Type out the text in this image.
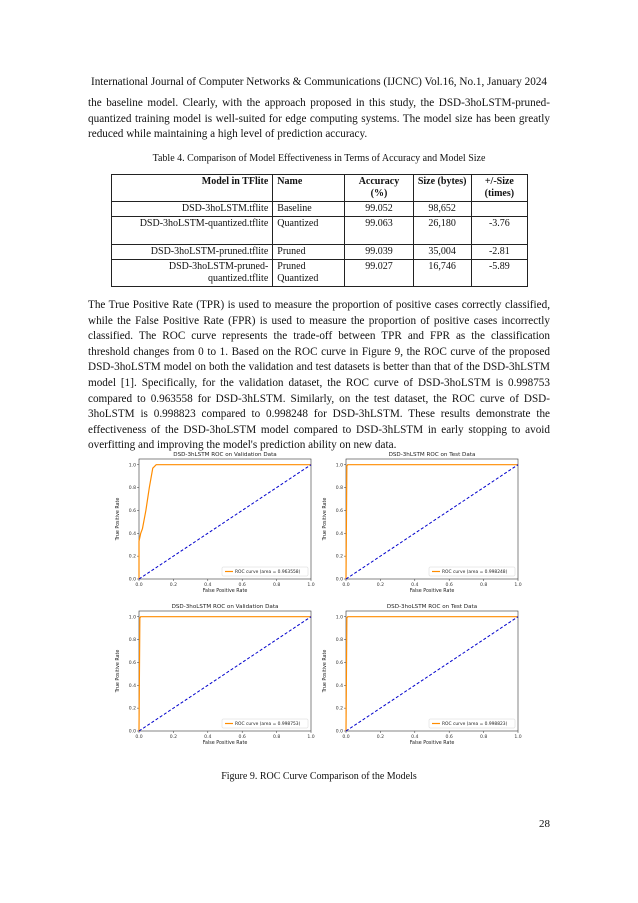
International Journal of Computer Networks & Communications (IJCNC) Vol.16, No.1, January 2024

the baseline model. Clearly, with the approach proposed in this study, the DSD-3hoLSTM-pruned-quantized training model is well-suited for edge computing systems. The model size has been greatly reduced while maintaining a high level of prediction accuracy.

Table 4. Comparison of Model Effectiveness in Terms of Accuracy and Model Size
Model in TFlite	Name	Accuracy (%)	Size (bytes)	+/-Size (times)
DSD-3hoLSTM.tflite	Baseline	99.052	98,652	
DSD-3hoLSTM-quantized.tflite	Quantized	99.063	26,180	-3.76
DSD-3hoLSTM-pruned.tflite	Pruned	99.039	35,004	-2.81
DSD-3hoLSTM-pruned-quantized.tflite	Pruned Quantized	99.027	16,746	-5.89

The True Positive Rate (TPR) is used to measure the proportion of positive cases correctly classified, while the False Positive Rate (FPR) is used to measure the proportion of positive cases incorrectly classified. The ROC curve represents the trade-off between TPR and FPR as the classification threshold changes from 0 to 1. Based on the ROC curve in Figure 9, the ROC curve of the proposed DSD-3hoLSTM model on both the validation and test datasets is better than that of the DSD-3hLSTM model [1]. Specifically, for the validation dataset, the ROC curve of DSD-3hoLSTM is 0.998753 compared to 0.963558 for DSD-3hLSTM. Similarly, on the test dataset, the ROC curve of DSD-3hoLSTM is 0.998823 compared to 0.998248 for DSD-3hLSTM. These results demonstrate the effectiveness of the DSD-3hoLSTM model compared to DSD-3hLSTM in early stopping to avoid overfitting and improving the model's prediction ability on new data.

DSD-3hLSTM ROC on Validation Data
0.0	0.2	0.4	0.6	0.8	1.0
0.0
0.2
0.4
0.6
0.8
1.0
False Positive Rate
True Positive Rate
ROC curve (area = 0.963558)
DSD-3hLSTM ROC on Test Data
0.0	0.2	0.4	0.6	0.8	1.0
0.0
0.2
0.4
0.6
0.8
1.0
False Positive Rate
True Positive Rate
ROC curve (area = 0.998248)
DSD-3hoLSTM ROC on Validation Data
0.0	0.2	0.4	0.6	0.8	1.0
0.0
0.2
0.4
0.6
0.8
1.0
False Positive Rate
True Positive Rate
ROC curve (area = 0.998753)
DSD-3hoLSTM ROC on Test Data
0.0	0.2	0.4	0.6	0.8	1.0
0.0
0.2
0.4
0.6
0.8
1.0
False Positive Rate
True Positive Rate
ROC curve (area = 0.998823)
Figure 9. ROC Curve Comparison of the Models
28
